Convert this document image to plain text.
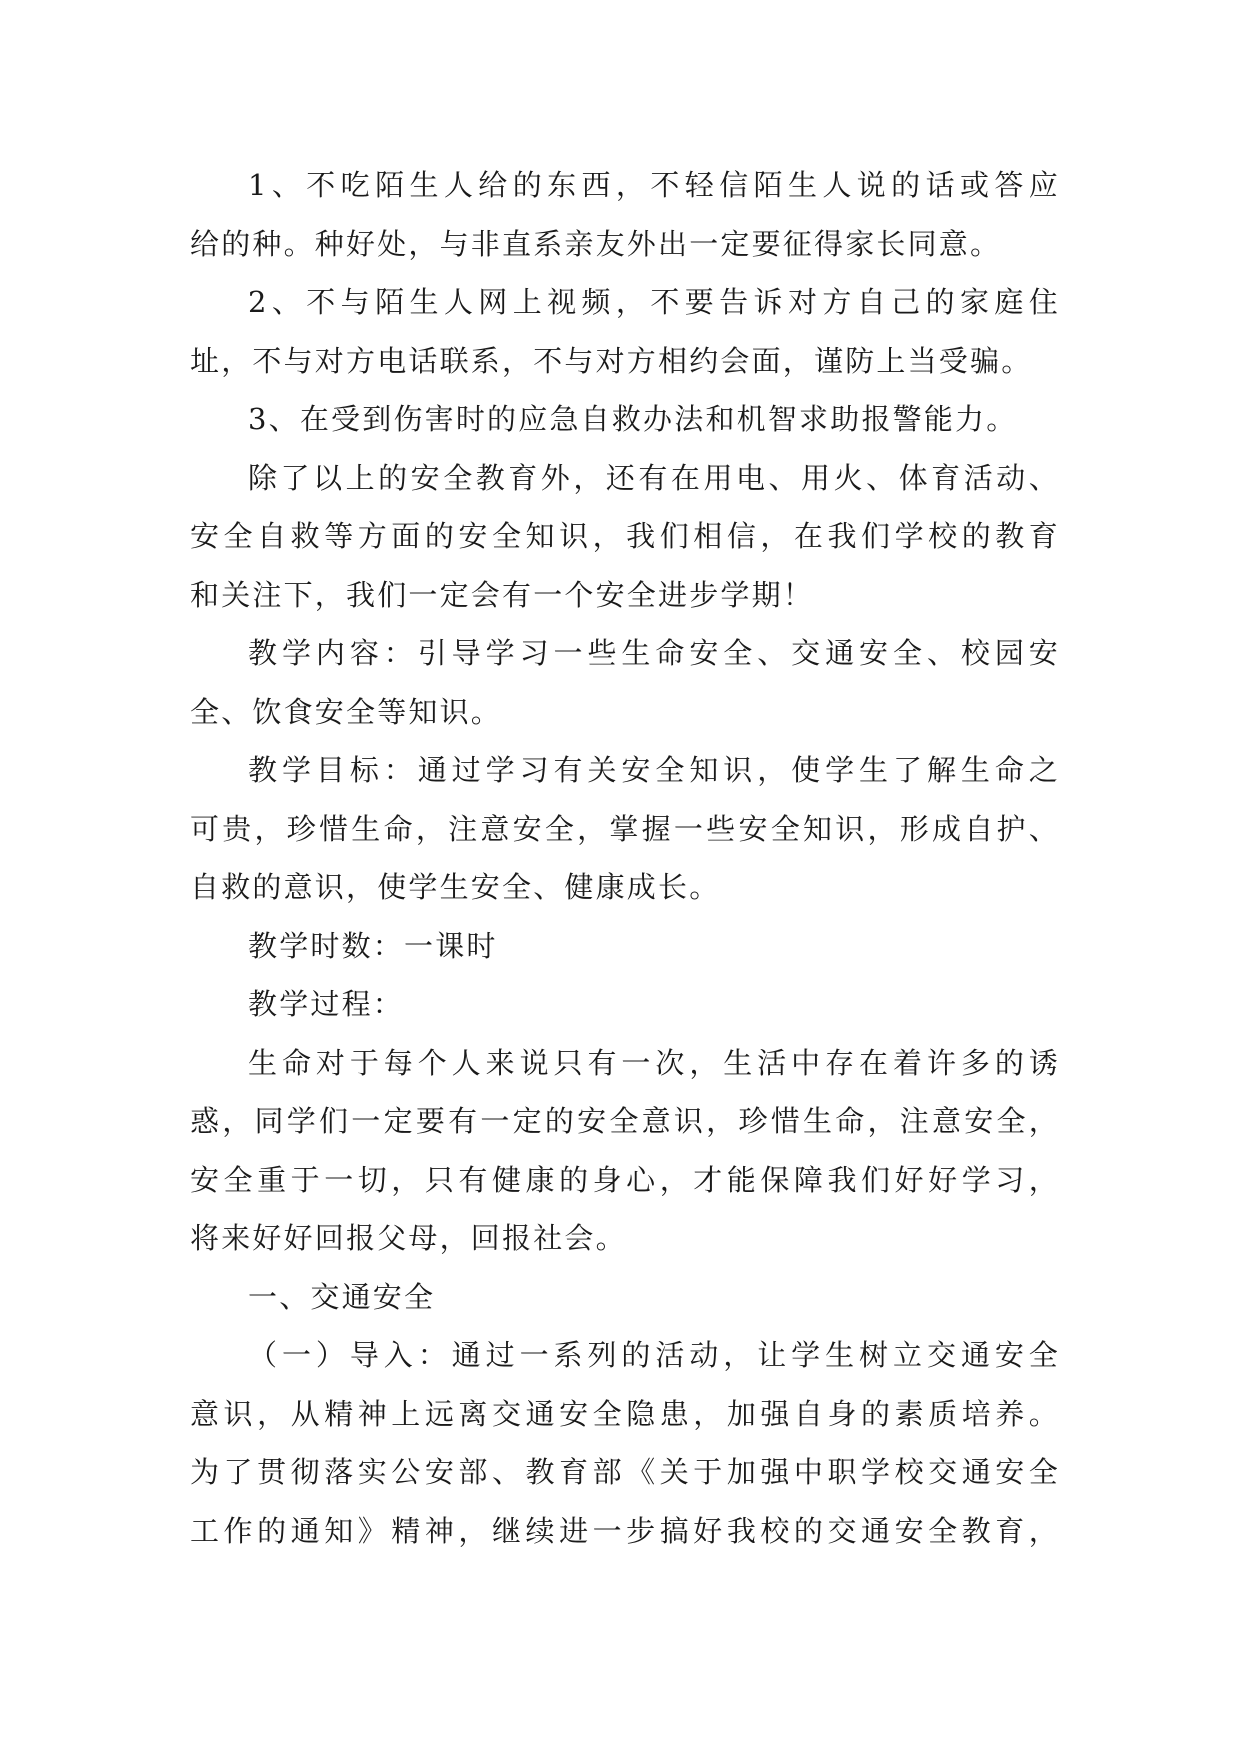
1、不吃陌生人给的东西，不轻信陌生人说的话或答应
给的种。种好处，与非直系亲友外出一定要征得家长同意。
2、不与陌生人网上视频，不要告诉对方自己的家庭住
址，不与对方电话联系，不与对方相约会面，谨防上当受骗。
3、在受到伤害时的应急自救办法和机智求助报警能力。
除了以上的安全教育外，还有在用电、用火、体育活动、
安全自救等方面的安全知识，我们相信，在我们学校的教育
和关注下，我们一定会有一个安全进步学期！
教学内容：引导学习一些生命安全、交通安全、校园安
全、饮食安全等知识。
教学目标：通过学习有关安全知识，使学生了解生命之
可贵，珍惜生命，注意安全，掌握一些安全知识，形成自护、
自救的意识，使学生安全、健康成长。
教学时数：一课时
教学过程：
生命对于每个人来说只有一次，生活中存在着许多的诱
惑，同学们一定要有一定的安全意识，珍惜生命，注意安全，
安全重于一切，只有健康的身心，才能保障我们好好学习，
将来好好回报父母，回报社会。
一、交通安全
（一）导入：通过一系列的活动，让学生树立交通安全
意识，从精神上远离交通安全隐患，加强自身的素质培养。
为了贯彻落实公安部、教育部《关于加强中职学校交通安全
工作的通知》精神，继续进一步搞好我校的交通安全教育，
